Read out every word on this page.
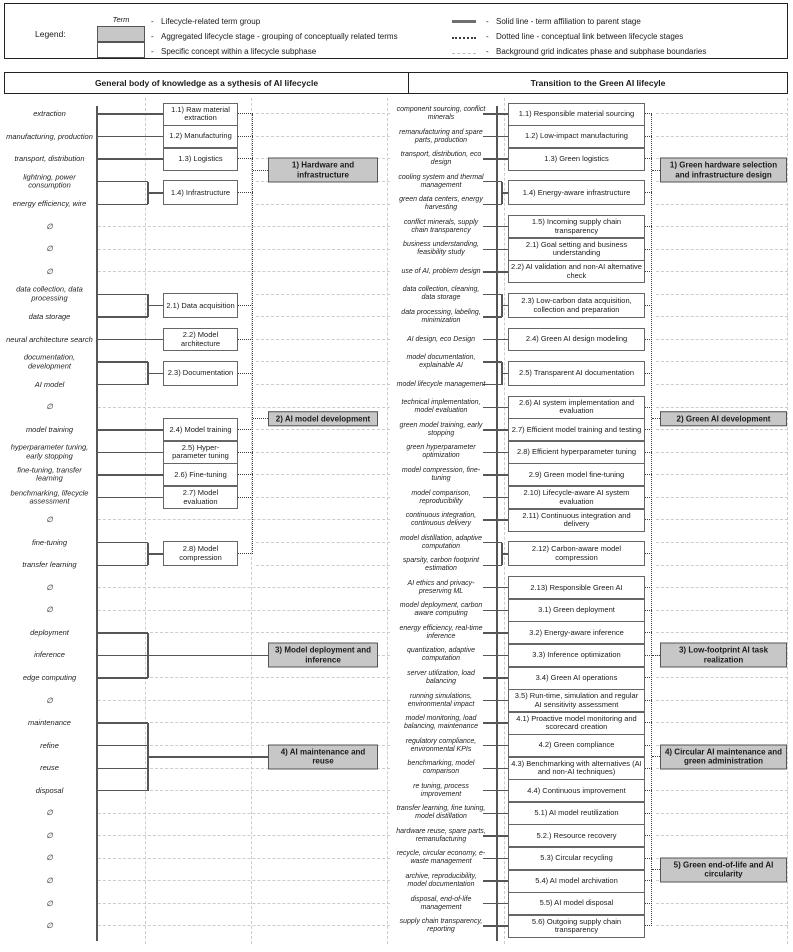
Legend:
Term	- Lifecycle-related term group
- Aggregated lifecycle stage - grouping of conceptually related terms
- Specific concept within a lifecycle subphase
- Solid line - term affiliation to parent stage
- Dotted line - conceptual link between lifecycle stages
- Background grid indicates phase and subphase boundaries
General body of knowledge as a sythesis of AI lifecycle	Transition to the Green AI lifecyle
1.1) Raw material extraction
1.2) Manufacturing
1.3) Logistics
1.4) Infrastructure
2.1) Data acquisition
2.2) Model architecture
2.3) Documentation
2.4) Model training
2.5) Hyper-parameter tuning
2.6) Fine-tuning
2.7) Model evaluation
2.8) Model compression
1) Hardware and infrastructure
2) AI model development
3) Model deployment and inference
4) AI maintenance and reuse
extraction
manufacturing, production
transport, distribution
lightning, power consumption
energy efficiency, wire
∅
∅
∅
data collection, data processing
data storage
neural architecture search
documentation, development
AI model
∅
model training
hyperparameter tuning, early stopping
fine-tuning, transfer learning
benchmarking, lifecycle assessment
∅
fine-tuning
transfer learning
∅
∅
deployment
inference
edge computing
∅
maintenance
refine
reuse
disposal
∅
∅
∅
∅
∅
∅
1.1) Responsible material sourcing
1.2) Low-impact manufacturing
1.3) Green logistics
1.4) Energy-aware infrastructure
1.5) Incoming supply chain transparency
2.1) Goal setting and business understanding
2.2) AI validation and non-AI alternative check
2.3) Low-carbon data acquisition, collection and preparation
2.4) Green AI design modeling
2.5) Transparent AI documentation
2.6) AI system implementation and evaluation
2.7) Efficient model training and testing
2.8) Efficient hyperparameter tuning
2.9) Green model fine-tuning
2.10) Lifecycle-aware AI system evaluation
2.11) Continuous integration and delivery
2.12) Carbon-aware model compression
2.13) Responsible Green AI
3.1) Green deployment
3.2) Energy-aware inference
3.3) Inference optimization
3.4) Green AI operations
3.5) Run-time, simulation and regular AI sensitivity assessment
4.1) Proactive model monitoring and scorecard creation
4.2) Green compliance
4.3) Benchmarking with alternatives (AI and non-AI techniques)
4.4) Continuous improvement
5.1) AI model reutilization
5.2.) Resource recovery
5.3) Circular recycling
5.4) AI model archivation
5.5) AI model disposal
5.6) Outgoing supply chain transparency
1) Green hardware selection and infrastructure design
2) Green AI development
3) Low-footprint AI task realization
4) Circular AI maintenance and green administration
5) Green end-of-life and AI circularity
component sourcing, conflict minerals
remanufacturing and spare parts, production
transport, distribution, eco design
cooling system and thermal management
green data centers, energy harvesting
conflict minerals, supply chain transparency
business understanding, feasibility study
use of AI, problem design
data collection, cleaning, data storage
data processing, labeling, minimization
AI design, eco Design
model documentation, explainable AI
model lifecycle management
technical implementation, model evaluation
green model training, early stopping
green hyperparameter optimization
model compression, fine-tuning
model comparison, reproducibility
continuous integration, continuous delivery
model distillation, adaptive computation
sparsity, carbon footprint estimation
AI ethics and privacy-preserving ML
model deployment, carbon aware computing
energy efficiency, real-time inference
quantization, adaptive computation
server utilization, load balancing
running simulations, environmental impact
model monitoring, load balancing, maintenance
regulatory compliance, environmental KPIs
benchmarking, model comparison
re tuning, process improvement
transfer learning, fine tuning, model distillation
hardware reuse, spare parts, remanufacturing
recycle, circular economy, e-waste management
archive, reproducibility, model documentation
disposal, end-of-life management
supply chain transparency, reporting
